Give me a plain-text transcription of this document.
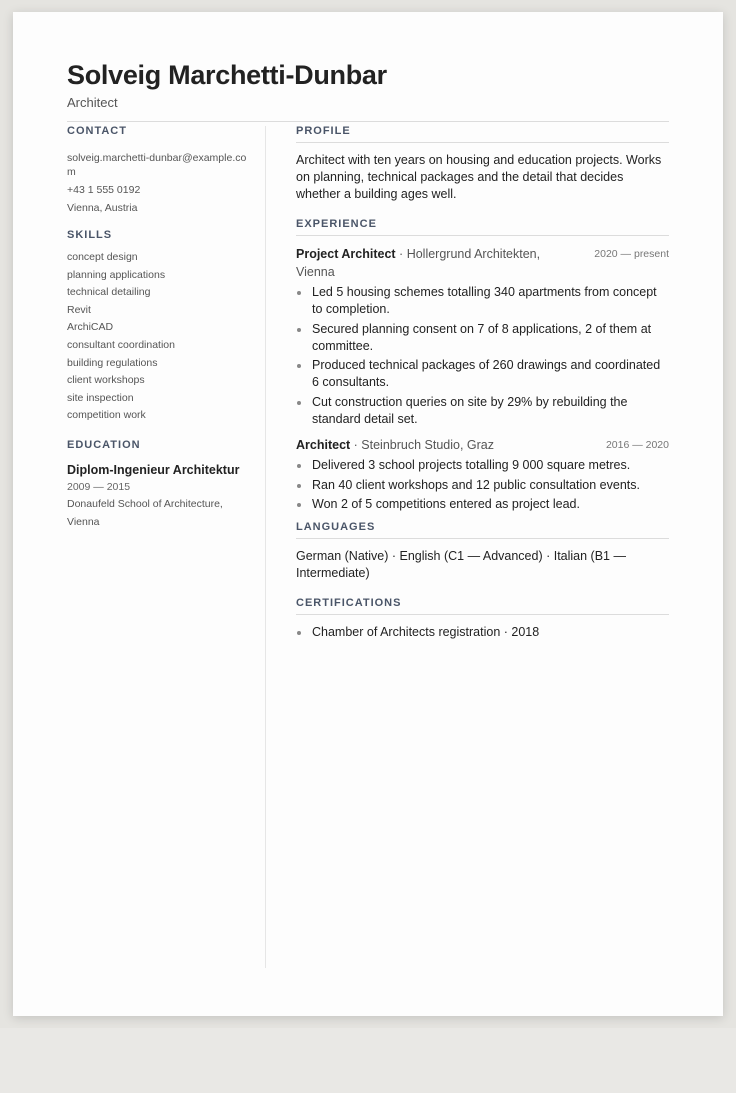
Solveig Marchetti-Dunbar
Architect
CONTACT
solveig.marchetti-dunbar@example.com
+43 1 555 0192
Vienna, Austria
SKILLS
concept design
planning applications
technical detailing
Revit
ArchiCAD
consultant coordination
building regulations
client workshops
site inspection
competition work
EDUCATION
Diplom-Ingenieur Architektur
2009 — 2015
Donaufeld School of Architecture, Vienna
PROFILE
Architect with ten years on housing and education projects. Works on planning, technical packages and the detail that decides whether a building ages well.
EXPERIENCE
Project Architect · Hollergrund Architekten, Vienna
2020 — present
Led 5 housing schemes totalling 340 apartments from concept to completion.
Secured planning consent on 7 of 8 applications, 2 of them at committee.
Produced technical packages of 260 drawings and coordinated 6 consultants.
Cut construction queries on site by 29% by rebuilding the standard detail set.
Architect · Steinbruch Studio, Graz	2016 — 2020
Delivered 3 school projects totalling 9 000 square metres.
Ran 40 client workshops and 12 public consultation events.
Won 2 of 5 competitions entered as project lead.
LANGUAGES
German (Native) · English (C1 — Advanced) · Italian (B1 — Intermediate)
CERTIFICATIONS
Chamber of Architects registration · 2018
